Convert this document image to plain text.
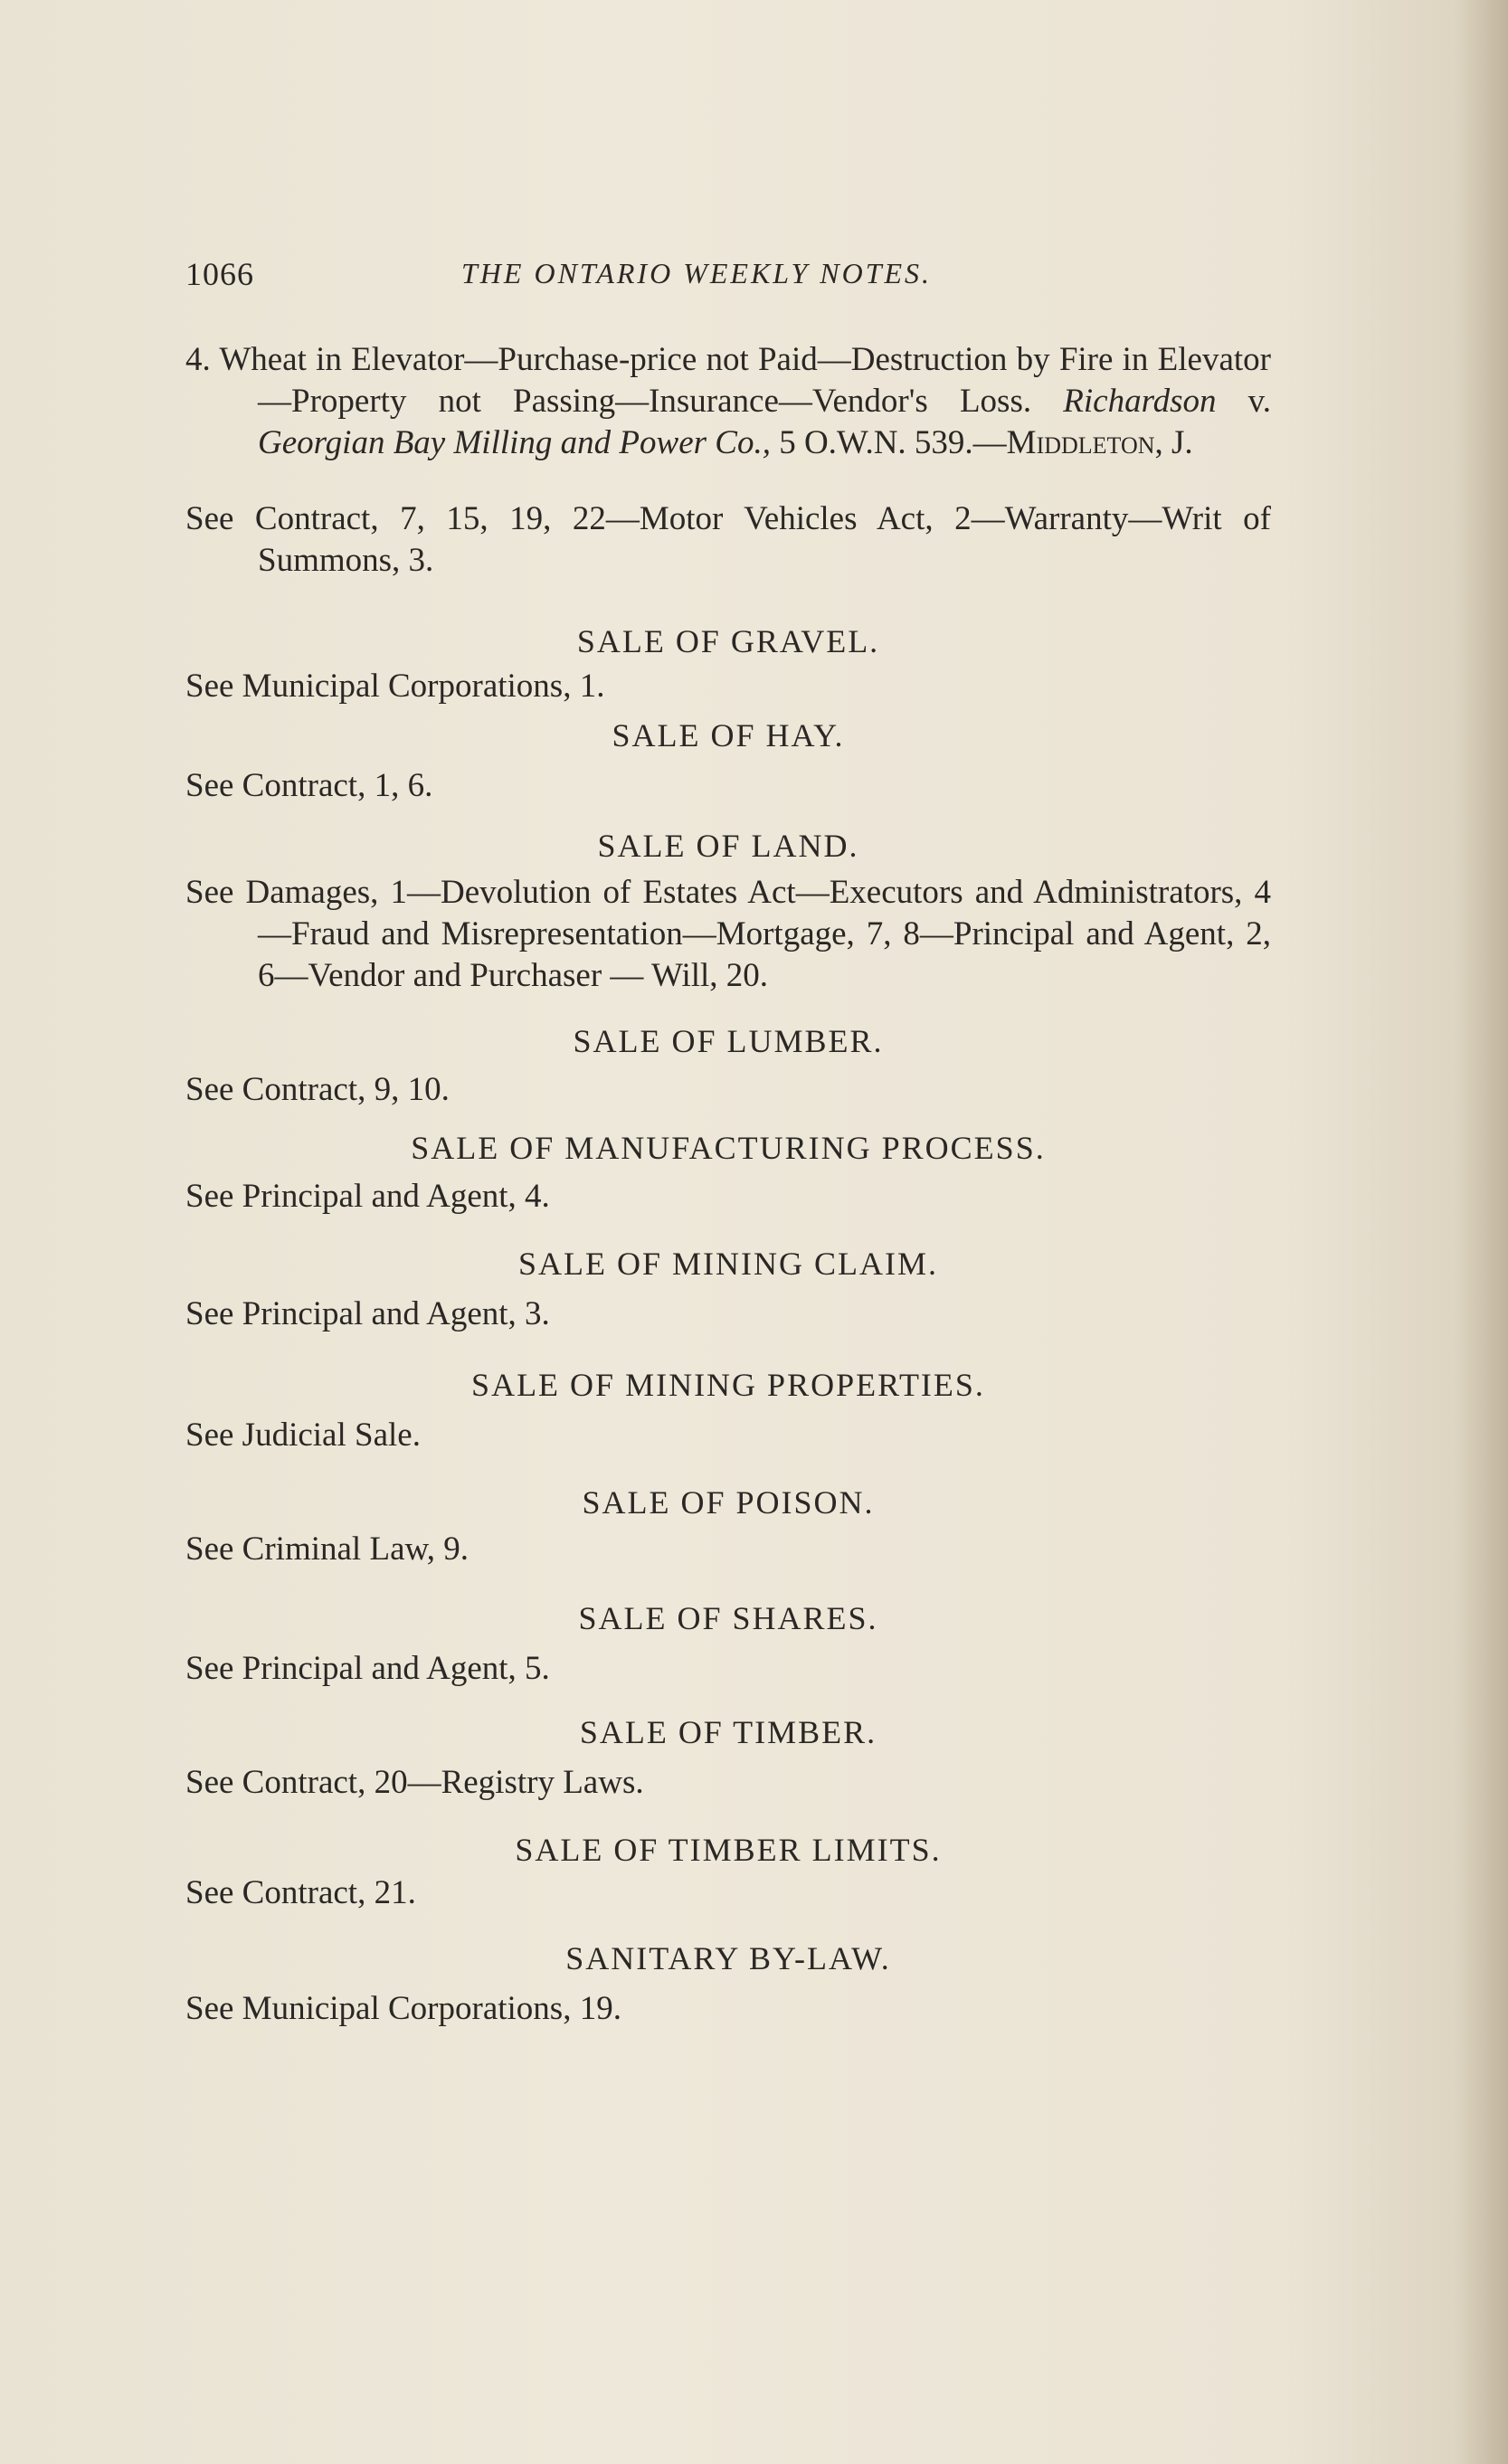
1066	THE ONTARIO WEEKLY NOTES.
4. Wheat in Elevator—Purchase-price not Paid—Destruction by Fire in Elevator—Property not Passing—Insurance—Vendor's Loss. Richardson v. Georgian Bay Milling and Power Co., 5 O.W.N. 539.—Middleton, J.
See Contract, 7, 15, 19, 22—Motor Vehicles Act, 2—Warranty—Writ of Summons, 3.
SALE OF GRAVEL.
See Municipal Corporations, 1.
SALE OF HAY.
See Contract, 1, 6.
SALE OF LAND.
See Damages, 1—Devolution of Estates Act—Executors and Administrators, 4—Fraud and Misrepresentation—Mortgage, 7, 8—Principal and Agent, 2, 6—Vendor and Purchaser — Will, 20.
SALE OF LUMBER.
See Contract, 9, 10.
SALE OF MANUFACTURING PROCESS.
See Principal and Agent, 4.
SALE OF MINING CLAIM.
See Principal and Agent, 3.
SALE OF MINING PROPERTIES.
See Judicial Sale.
SALE OF POISON.
See Criminal Law, 9.
SALE OF SHARES.
See Principal and Agent, 5.
SALE OF TIMBER.
See Contract, 20—Registry Laws.
SALE OF TIMBER LIMITS.
See Contract, 21.
SANITARY BY-LAW.
See Municipal Corporations, 19.
